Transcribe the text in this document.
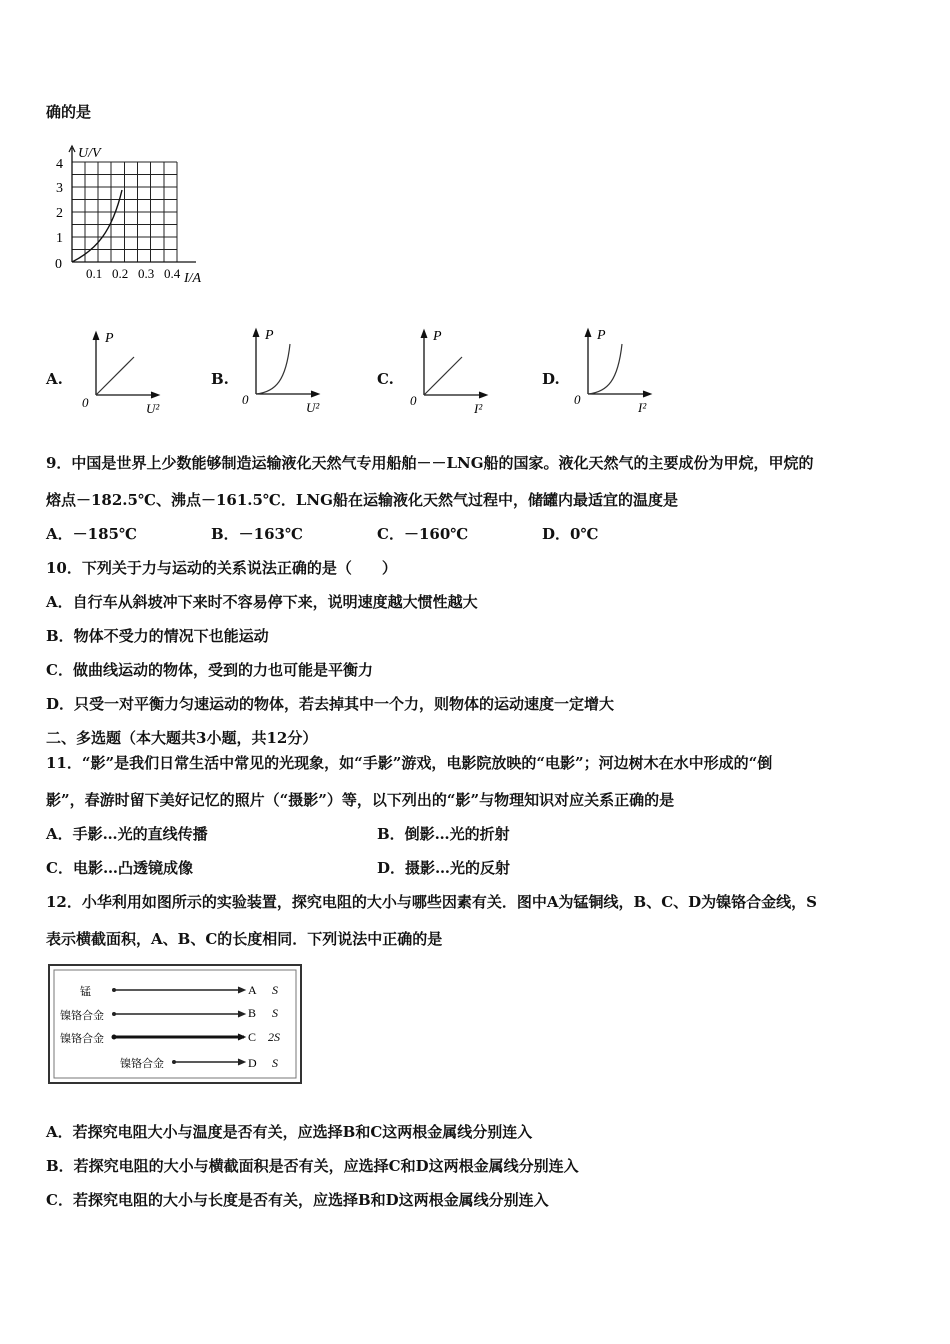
确的是
U/V
I/A
0
1
2
3
4
0.1 0.2 0.3 0.4
A.
P
0	U²
B.
P
0
U²
C.
P
0
I²
D.
P
0
I²
9．中国是世界上少数能够制造运输液化天然气专用船舶－－LNG船的国家。液化天然气的主要成份为甲烷，甲烷的
熔点－182.5℃、沸点－161.5℃．LNG船在运输液化天然气过程中，储罐内最适宜的温度是
A．－185℃	B．－163℃	C．－160℃	D．0℃
10．下列关于力与运动的关系说法正确的是（　　）
A．自行车从斜坡冲下来时不容易停下来，说明速度越大惯性越大
B．物体不受力的情况下也能运动
C．做曲线运动的物体，受到的力也可能是平衡力
D．只受一对平衡力匀速运动的物体，若去掉其中一个力，则物体的运动速度一定增大
二、多选题（本大题共3小题，共12分）
11．“影”是我们日常生活中常见的光现象，如“手影”游戏，电影院放映的“电影”；河边树木在水中形成的“倒
影”，春游时留下美好记忆的照片（“摄影”）等，以下列出的“影”与物理知识对应关系正确的是
A．手影…光的直线传播	B．倒影…光的折射
C．电影…凸透镜成像	D．摄影…光的反射
12．小华利用如图所示的实验装置，探究电阻的大小与哪些因素有关．图中A为锰铜线，B、C、D为镍铬合金线，S
表示横截面积，A、B、C的长度相同．下列说法中正确的是
锰	A S
镍铬合金	B S
镍铬合金	C 2S
镍铬合金	D S
A．若探究电阻大小与温度是否有关，应选择B和C这两根金属线分别连入
B．若探究电阻的大小与横截面积是否有关，应选择C和D这两根金属线分别连入
C．若探究电阻的大小与长度是否有关，应选择B和D这两根金属线分别连入
